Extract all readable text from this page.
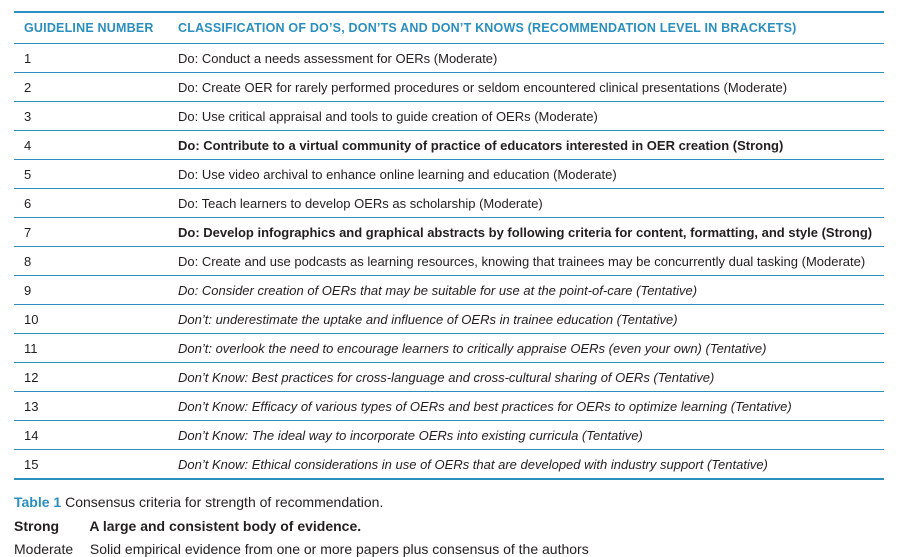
GUIDELINE NUMBER	CLASSIFICATION OF DO’S, DON’TS AND DON’T KNOWS (RECOMMENDATION LEVEL IN BRACKETS)
1	Do: Conduct a needs assessment for OERs (Moderate)
2	Do: Create OER for rarely performed procedures or seldom encountered clinical presentations (Moderate)
3	Do: Use critical appraisal and tools to guide creation of OERs (Moderate)
4	Do: Contribute to a virtual community of practice of educators interested in OER creation (Strong)
5	Do: Use video archival to enhance online learning and education (Moderate)
6	Do: Teach learners to develop OERs as scholarship (Moderate)
7	Do: Develop infographics and graphical abstracts by following criteria for content, formatting, and style (Strong)
8	Do: Create and use podcasts as learning resources, knowing that trainees may be concurrently dual tasking (Moderate)
9	Do: Consider creation of OERs that may be suitable for use at the point-of-care (Tentative)
10	Don’t: underestimate the uptake and influence of OERs in trainee education (Tentative)
11	Don’t: overlook the need to encourage learners to critically appraise OERs (even your own) (Tentative)
12	Don’t Know: Best practices for cross-language and cross-cultural sharing of OERs (Tentative)
13	Don’t Know: Efficacy of various types of OERs and best practices for OERs to optimize learning (Tentative)
14	Don’t Know: The ideal way to incorporate OERs into existing curricula (Tentative)
15	Don’t Know: Ethical considerations in use of OERs that are developed with industry support (Tentative)
Table 1 Consensus criteria for strength of recommendation.
Strong A large and consistent body of evidence.
Moderate Solid empirical evidence from one or more papers plus consensus of the authors
